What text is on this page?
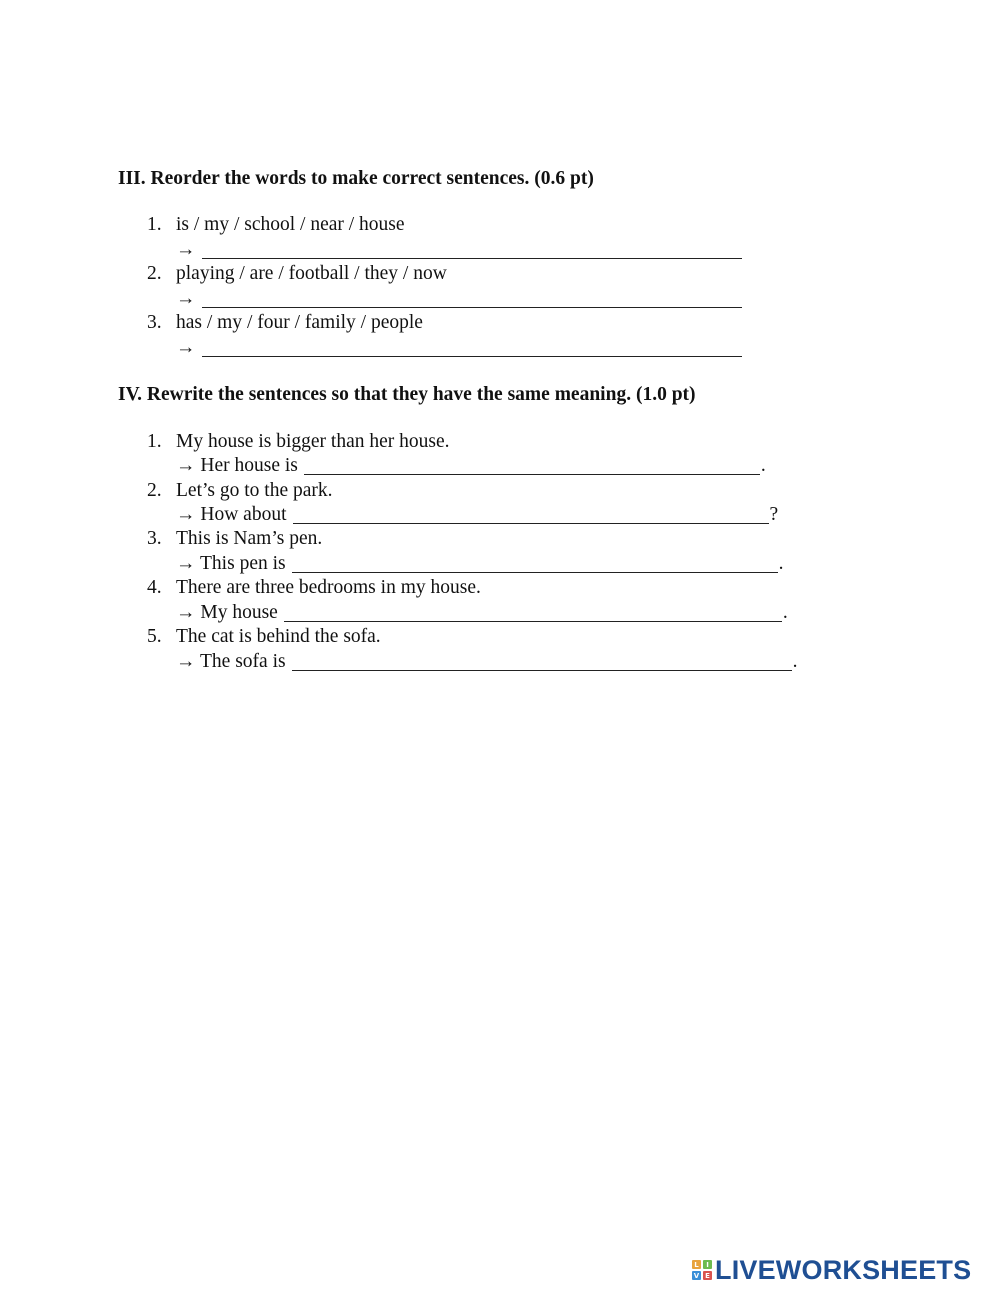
III. Reorder the words to make correct sentences. (0.6 pt)
1. is / my / school / near / house
→
2. playing / are / football / they / now
→
3. has / my / four / family / people
→
IV. Rewrite the sentences so that they have the same meaning. (1.0 pt)
1. My house is bigger than her house.
→ Her house is	.
2. Let’s go to the park.
→ How about	?
3. This is Nam’s pen.
→ This pen is	.
4. There are three bedrooms in my house.
→ My house	.
5. The cat is behind the sofa.
→ The sofa is	.
L	I
V E LIVEWORKSHEETS
